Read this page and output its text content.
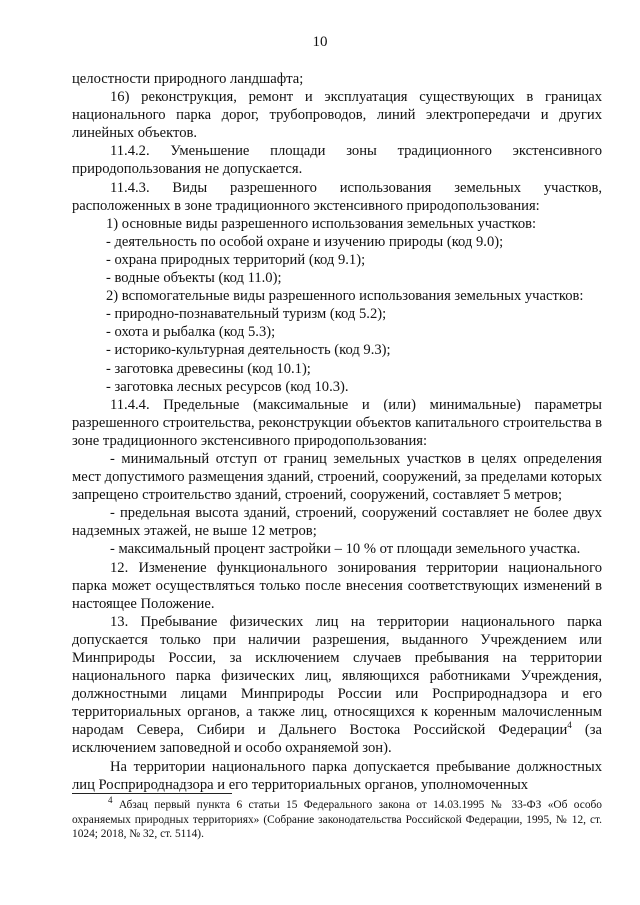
10

целостности природного ландшафта;

16) реконструкция, ремонт и эксплуатация существующих в границах национального парка дорог, трубопроводов, линий электропередачи и других линейных объектов.

11.4.2. Уменьшение площади зоны традиционного экстенсивного природопользования не допускается.

11.4.3. Виды разрешенного использования земельных участков, расположенных в зоне традиционного экстенсивного природопользования:

1) основные виды разрешенного использования земельных участков:

- деятельность по особой охране и изучению природы (код 9.0);

- охрана природных территорий (код 9.1);

- водные объекты (код 11.0);

2) вспомогательные виды разрешенного использования земельных участков:

- природно-познавательный туризм (код 5.2);

- охота и рыбалка (код 5.3);

- историко-культурная деятельность (код 9.3);

- заготовка древесины (код 10.1);

- заготовка лесных ресурсов (код 10.3).

11.4.4. Предельные (максимальные и (или) минимальные) параметры разрешенного строительства, реконструкции объектов капитального строительства в зоне традиционного экстенсивного природопользования:

- минимальный отступ от границ земельных участков в целях определения мест допустимого размещения зданий, строений, сооружений, за пределами которых запрещено строительство зданий, строений, сооружений, составляет 5 метров;

- предельная высота зданий, строений, сооружений составляет не более двух надземных этажей, не выше 12 метров;

- максимальный процент застройки – 10 % от площади земельного участка.

12. Изменение функционального зонирования территории национального парка может осуществляться только после внесения соответствующих изменений в настоящее Положение.

13. Пребывание физических лиц на территории национального парка допускается только при наличии разрешения, выданного Учреждением или Минприроды России, за исключением случаев пребывания на территории национального парка физических лиц, являющихся работниками Учреждения, должностными лицами Минприроды России или Росприроднадзора и его территориальных органов, а также лиц, относящихся к коренным малочисленным народам Севера, Сибири и Дальнего Востока Российской Федерации$^4$ (за исключением заповедной и особо охраняемой зон).

На территории национального парка допускается пребывание должностных лиц Росприроднадзора и его территориальных органов, уполномоченных

$^4$ Абзац первый пункта 6 статьи 15 Федерального закона от 14.03.1995 № 33-ФЗ «Об особо охраняемых природных территориях» (Собрание законодательства Российской Федерации, 1995, № 12, ст. 1024; 2018, № 32, ст. 5114).
